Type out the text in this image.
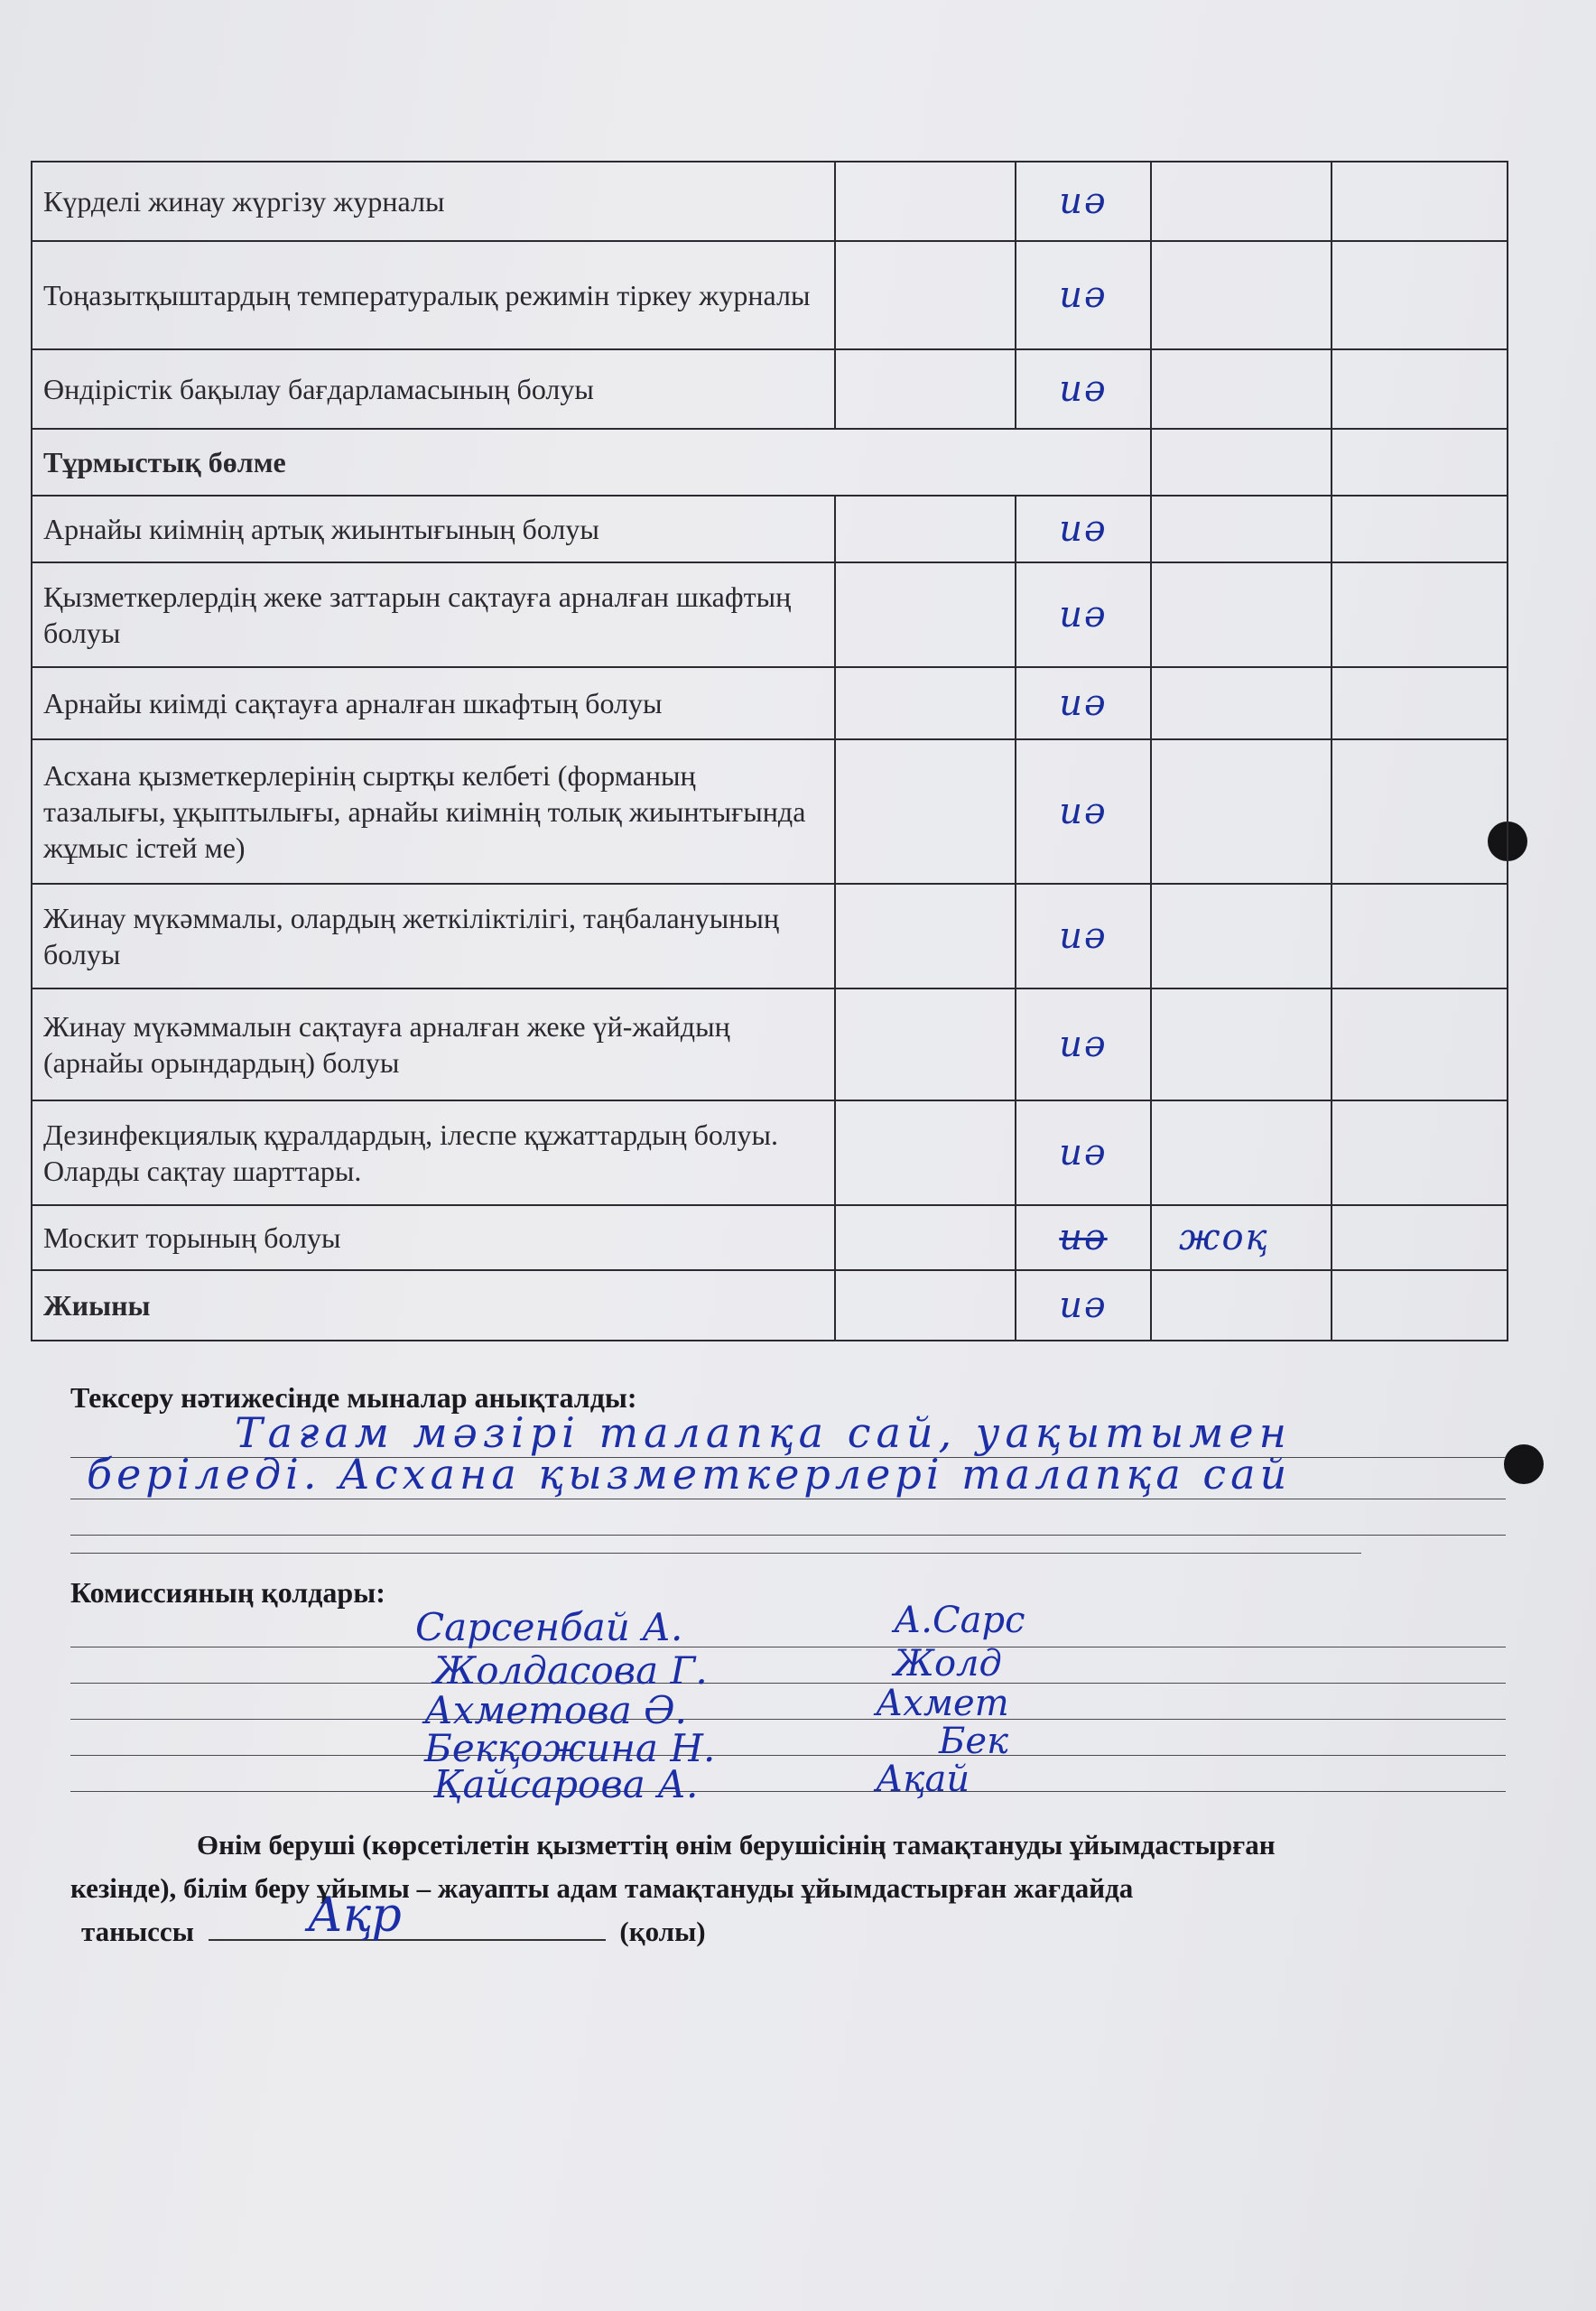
Күрделі жинау жүргізу журналы		иә		
Тоңазытқыштардың температуралық режимін тіркеу журналы		иә		
Өндірістік бақылау бағдарламасының болуы		иә		
Тұрмыстық бөлме				
Арнайы киімнің артық жиынтығының болуы		иә		
Қызметкерлердің жеке заттарын сақтауға арналған шкафтың болуы		иә		
Арнайы киімді сақтауға арналған шкафтың болуы		иә		
Асхана қызметкерлерінің сыртқы келбеті (форманың тазалығы, ұқыптылығы, арнайы киімнің толық жиынтығында жұмыс істей ме)		иә		
Жинау мүкәммалы, олардың жеткіліктілігі, таңбалануының болуы		иә		
Жинау мүкәммалын сақтауға арналған жеке үй-жайдың (арнайы орындардың) болуы		иә		
Дезинфекциялық құралдардың, ілеспе құжаттардың болуы. Оларды сақтау шарттары.		иә		
Москит торының болуы		иә	жоқ	
Жиыны		иә		
Тексеру нәтижесінде мыналар анықталды:
Тағам мәзірі талапқа сай, уақытымен
беріледі. Асхана қызметкерлері талапқа сай
Комиссияның қолдары:
Сарсенбай А.	А.Сарс
Жолдасова Г.	Жолд
Ахметова Ә.	Ахмет
Бекқожина Н.	Бек
Қайсарова А.	Ақай
Өнім беруші (көрсетілетін қызметтің өнім берушісінің тамақтануды ұйымдастырған
кезінде), білім беру ұйымы – жауапты адам тамақтануды ұйымдастырған жағдайда
таныссы Ақр	(қолы)
